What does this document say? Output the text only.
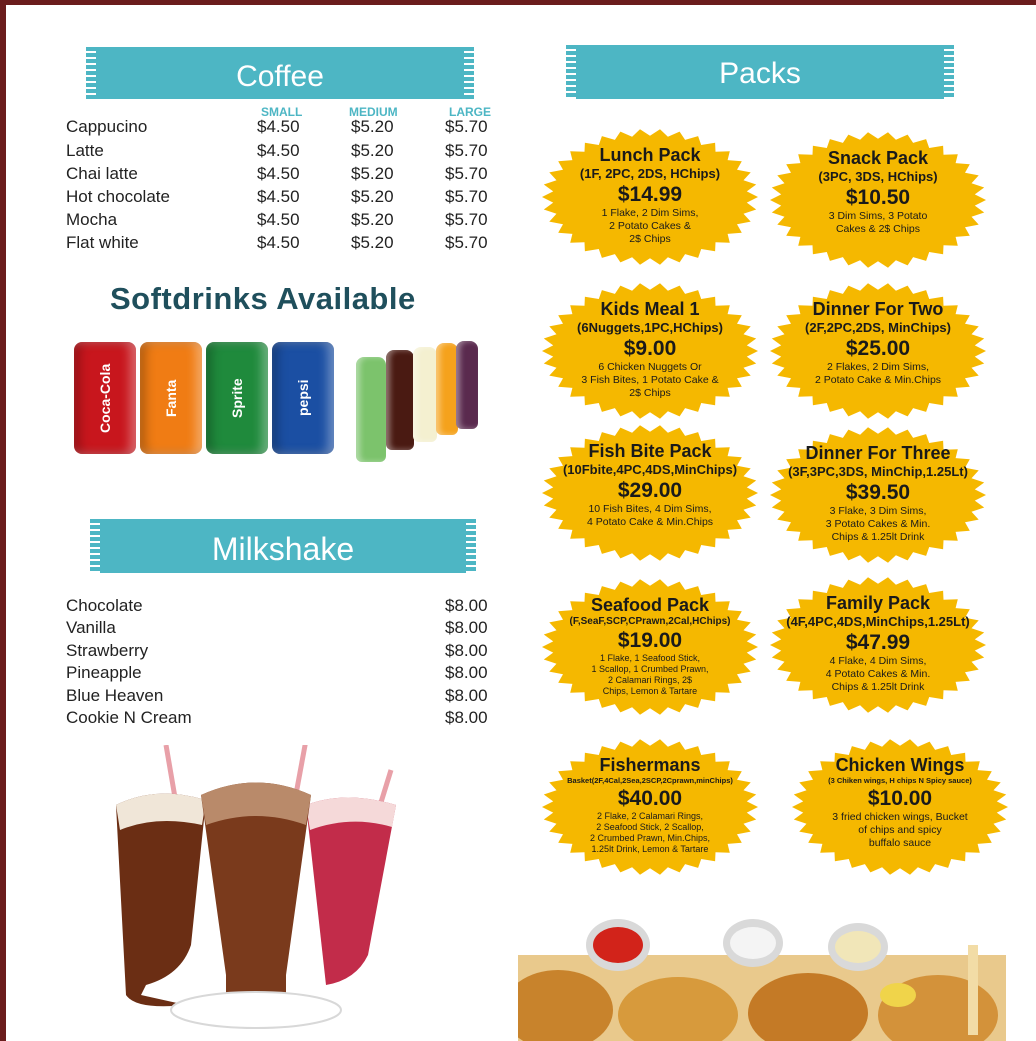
Coffee
SMALL	MEDIUM	LARGE
Cappucino	$4.50	$5.20	$5.70
Latte	$4.50	$5.20	$5.70
Chai latte	$4.50	$5.20	$5.70
Hot chocolate	$4.50	$5.20	$5.70
Mocha	$4.50	$5.20	$5.70
Flat white	$4.50	$5.20	$5.70
Softdrinks Available
Coca-Cola	Fanta	Sprite	pepsi
Milkshake
Chocolate	$8.00
Vanilla	$8.00
Strawberry	$8.00
Pineapple	$8.00
Blue Heaven	$8.00
Cookie N Cream	$8.00
Packs
Lunch Pack
(1F, 2PC, 2DS, HChips)
$14.99
1 Flake, 2 Dim Sims,
2 Potato Cakes &
2$ Chips
Snack Pack
(3PC, 3DS, HChips)
$10.50
3 Dim Sims, 3 Potato
Cakes & 2$ Chips
Kids Meal 1
(6Nuggets,1PC,HChips)
$9.00
6 Chicken Nuggets Or
3 Fish Bites, 1 Potato Cake &
2$ Chips
Dinner For Two
(2F,2PC,2DS, MinChips)
$25.00
2 Flakes, 2 Dim Sims,
2 Potato Cake & Min.Chips
Fish Bite Pack
(10Fbite,4PC,4DS,MinChips)
$29.00
10 Fish Bites, 4 Dim Sims,
4 Potato Cake & Min.Chips
Dinner For Three
(3F,3PC,3DS, MinChip,1.25Lt)
$39.50
3 Flake, 3 Dim Sims,
3 Potato Cakes & Min.
Chips & 1.25lt Drink
Seafood Pack
(F,SeaF,SCP,CPrawn,2Cal,HChips)
$19.00
1 Flake, 1 Seafood Stick,
1 Scallop, 1 Crumbed Prawn,
2 Calamari Rings, 2$
Chips, Lemon & Tartare
Family Pack
(4F,4PC,4DS,MinChips,1.25Lt)
$47.99
4 Flake, 4 Dim Sims,
4 Potato Cakes & Min.
Chips & 1.25lt Drink
Fishermans
Basket(2F,4Cal,2Sea,2SCP,2Cprawn,minChips)
$40.00
2 Flake, 2 Calamari Rings,
2 Seafood Stick, 2 Scallop,
2 Crumbed Prawn, Min.Chips,
1.25lt Drink, Lemon & Tartare
Chicken Wings
(3 Chiken wings, H chips N Spicy sauce)
$10.00
3 fried chicken wings, Bucket
of chips and spicy
buffalo sauce
